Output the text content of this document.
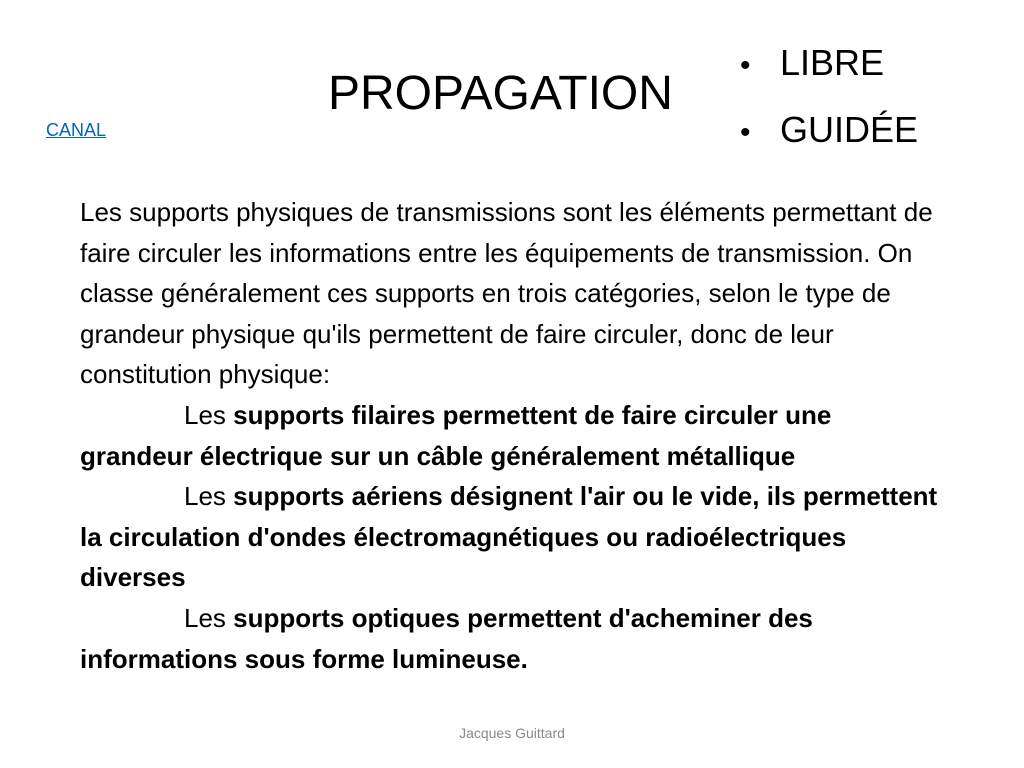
PROPAGATION
• LIBRE
• GUIDÉE
CANAL

Les supports physiques de transmissions sont les éléments permettant de faire circuler les informations entre les équipements de transmission. On classe généralement ces supports en trois catégories, selon le type de grandeur physique qu'ils permettent de faire circuler, donc de leur constitution physique:

Les supports filaires permettent de faire circuler une grandeur électrique sur un câble généralement métallique

Les supports aériens désignent l'air ou le vide, ils permettent la circulation d'ondes électromagnétiques ou radioélectriques diverses

Les supports optiques permettent d'acheminer des informations sous forme lumineuse.

Jacques Guittard
